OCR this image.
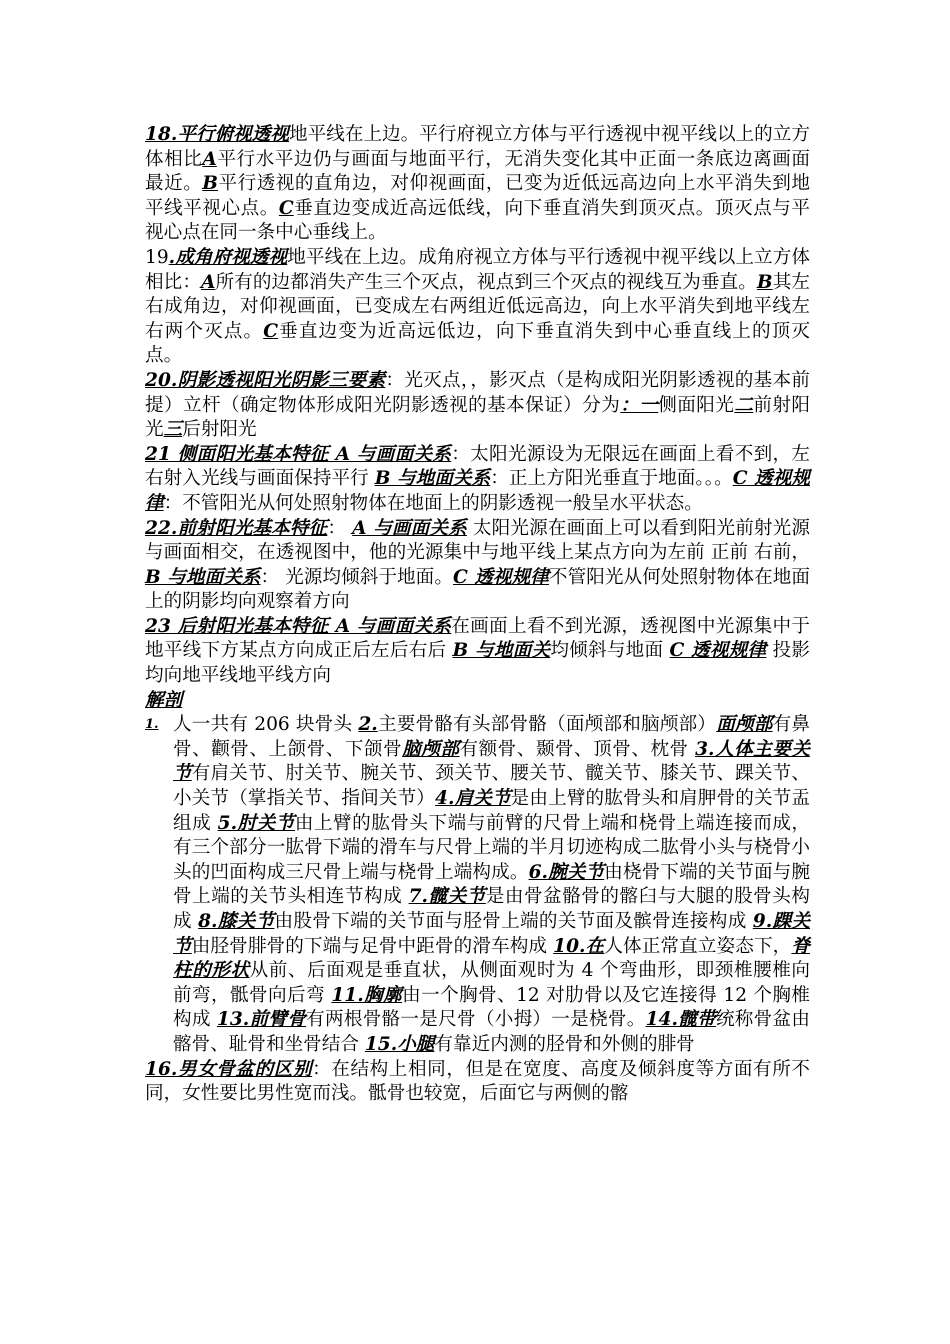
18.平行俯视透视地平线在上边。平行府视立方体与平行透视中视平线以上的立方体相比A平行水平边仍与画面与地面平行，无消失变化其中正面一条底边离画面最近。B平行透视的直角边，对仰视画面，已变为近低远高边向上水平消失到地平线平视心点。C垂直边变成近高远低线，向下垂直消失到顶灭点。顶灭点与平视心点在同一条中心垂线上。

19.成角府视透视地平线在上边。成角府视立方体与平行透视中视平线以上立方体相比：A所有的边都消失产生三个灭点，视点到三个灭点的视线互为垂直。B其左右成角边，对仰视画面，已变成左右两组近低远高边，向上水平消失到地平线左右两个灭点。C垂直边变为近高远低边，向下垂直消失到中心垂直线上的顶灭点。

20.阴影透视阳光阴影三要素：光灭点，，影灭点（是构成阳光阴影透视的基本前提）立杆（确定物体形成阳光阴影透视的基本保证）分为：一侧面阳光二前射阳光三后射阳光

21 侧面阳光基本特征 A 与画面关系：太阳光源设为无限远在画面上看不到，左右射入光线与画面保持平行 B 与地面关系：正上方阳光垂直于地面。。。C 透视规律：不管阳光从何处照射物体在地面上的阴影透视一般呈水平状态。

22.前射阳光基本特征： A 与画面关系 太阳光源在画面上可以看到阳光前射光源与画面相交，在透视图中，他的光源集中与地平线上某点方向为左前 正前 右前，B 与地面关系： 光源均倾斜于地面。C 透视规律不管阳光从何处照射物体在地面上的阴影均向观察着方向

23 后射阳光基本特征 A 与画面关系在画面上看不到光源，透视图中光源集中于地平线下方某点方向成正后左后右后 B 与地面关均倾斜与地面 C 透视规律 投影均向地平线地平线方向

解剖

1. 人一共有 206 块骨头 2.主要骨骼有头部骨骼（面颅部和脑颅部）面颅部有鼻骨、颧骨、上颌骨、下颌骨脑颅部有额骨、颞骨、顶骨、枕骨 3.人体主要关节有肩关节、肘关节、腕关节、颈关节、腰关节、髋关节、膝关节、踝关节、小关节（掌指关节、指间关节）4.肩关节是由上臂的肱骨头和肩胛骨的关节盂组成 5.肘关节由上臂的肱骨头下端与前臂的尺骨上端和桡骨上端连接而成，有三个部分一肱骨下端的滑车与尺骨上端的半月切迹构成二肱骨小头与桡骨小头的凹面构成三尺骨上端与桡骨上端构成。6.腕关节由桡骨下端的关节面与腕骨上端的关节头相连节构成 7.髋关节是由骨盆骼骨的髂臼与大腿的股骨头构成 8.膝关节由股骨下端的关节面与胫骨上端的关节面及髌骨连接构成 9.踝关节由胫骨腓骨的下端与足骨中距骨的滑车构成 10.在人体正常直立姿态下，脊柱的形状从前、后面观是垂直状，从侧面观时为 4 个弯曲形，即颈椎腰椎向前弯，骶骨向后弯 11.胸廓由一个胸骨、12 对肋骨以及它连接得 12 个胸椎构成 13.前臂骨有两根骨骼一是尺骨（小拇）一是桡骨。14.髋带统称骨盆由髂骨、耻骨和坐骨结合 15.小腿有靠近内测的胫骨和外侧的腓骨

16.男女骨盆的区别：在结构上相同，但是在宽度、高度及倾斜度等方面有所不同，女性要比男性宽而浅。骶骨也较宽，后面它与两侧的髂
